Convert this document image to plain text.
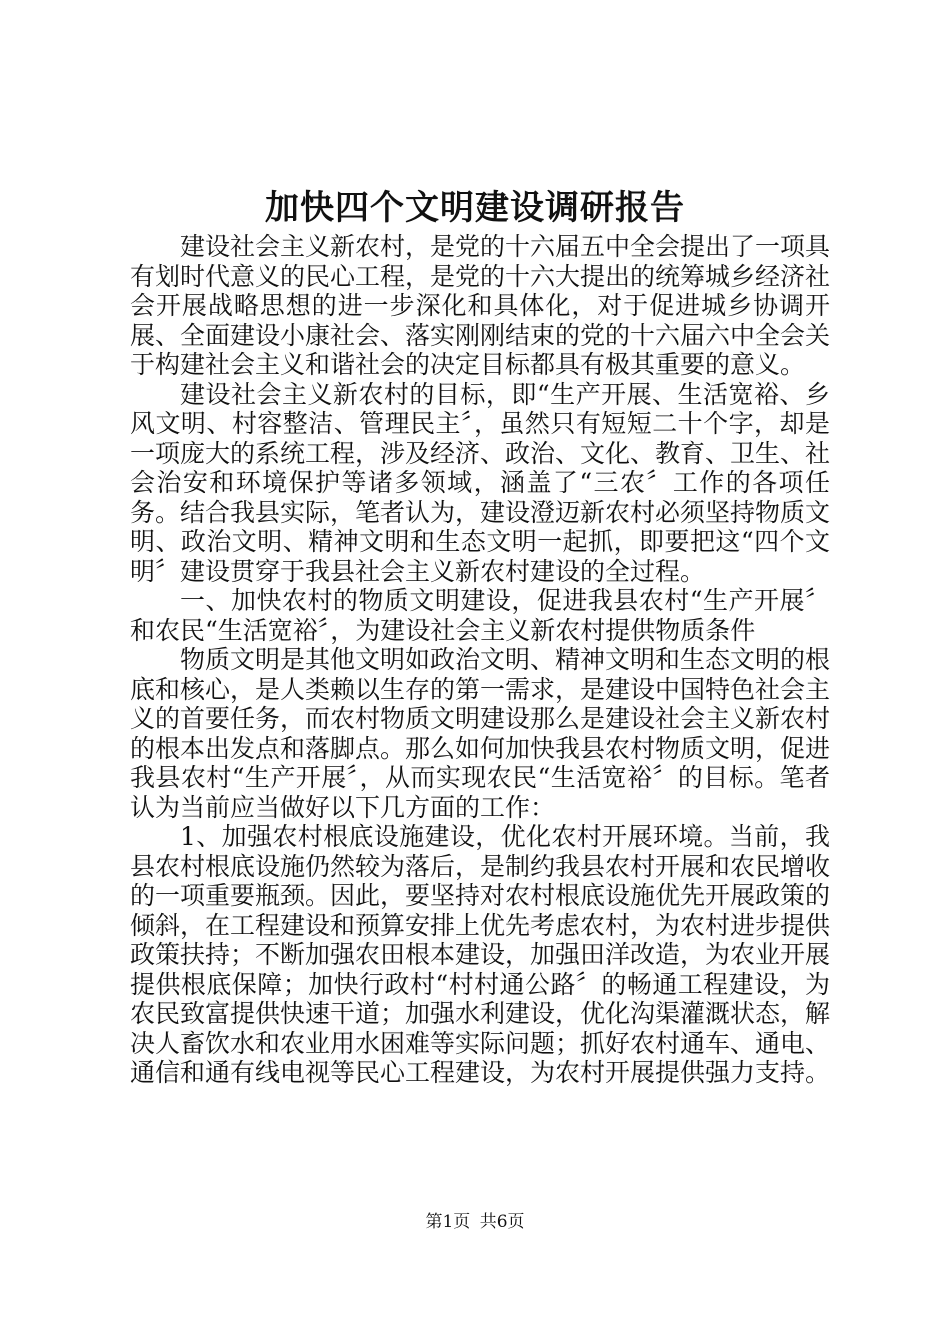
加快四个文明建设调研报告

建设社会主义新农村，是党的十六届五中全会提出了一项具有划时代意义的民心工程，是党的十六大提出的统筹城乡经济社会开展战略思想的进一步深化和具体化，对于促进城乡协调开展、全面建设小康社会、落实刚刚结束的党的十六届六中全会关于构建社会主义和谐社会的决定目标都具有极其重要的意义。

建设社会主义新农村的目标，即“生产开展、生活宽裕、乡风文明、村容整洁、管理民主〞，虽然只有短短二十个字，却是一项庞大的系统工程，涉及经济、政治、文化、教育、卫生、社会治安和环境保护等诸多领域，涵盖了“三农〞工作的各项任务。结合我县实际，笔者认为，建设澄迈新农村必须坚持物质文明、政治文明、精神文明和生态文明一起抓，即要把这“四个文明〞建设贯穿于我县社会主义新农村建设的全过程。

一、加快农村的物质文明建设，促进我县农村“生产开展〞和农民“生活宽裕〞，为建设社会主义新农村提供物质条件

物质文明是其他文明如政治文明、精神文明和生态文明的根底和核心，是人类赖以生存的第一需求，是建设中国特色社会主义的首要任务，而农村物质文明建设那么是建设社会主义新农村的根本出发点和落脚点。那么如何加快我县农村物质文明，促进我县农村“生产开展〞，从而实现农民“生活宽裕〞的目标。笔者认为当前应当做好以下几方面的工作：

1、加强农村根底设施建设，优化农村开展环境。当前，我县农村根底设施仍然较为落后，是制约我县农村开展和农民增收的一项重要瓶颈。因此，要坚持对农村根底设施优先开展政策的倾斜，在工程建设和预算安排上优先考虑农村，为农村进步提供政策扶持；不断加强农田根本建设，加强田洋改造，为农业开展提供根底保障；加快行政村“村村通公路〞的畅通工程建设，为农民致富提供快速干道；加强水利建设，优化沟渠灌溉状态，解决人畜饮水和农业用水困难等实际问题；抓好农村通车、通电、通信和通有线电视等民心工程建设，为农村开展提供强力支持。

第1页 共6页
